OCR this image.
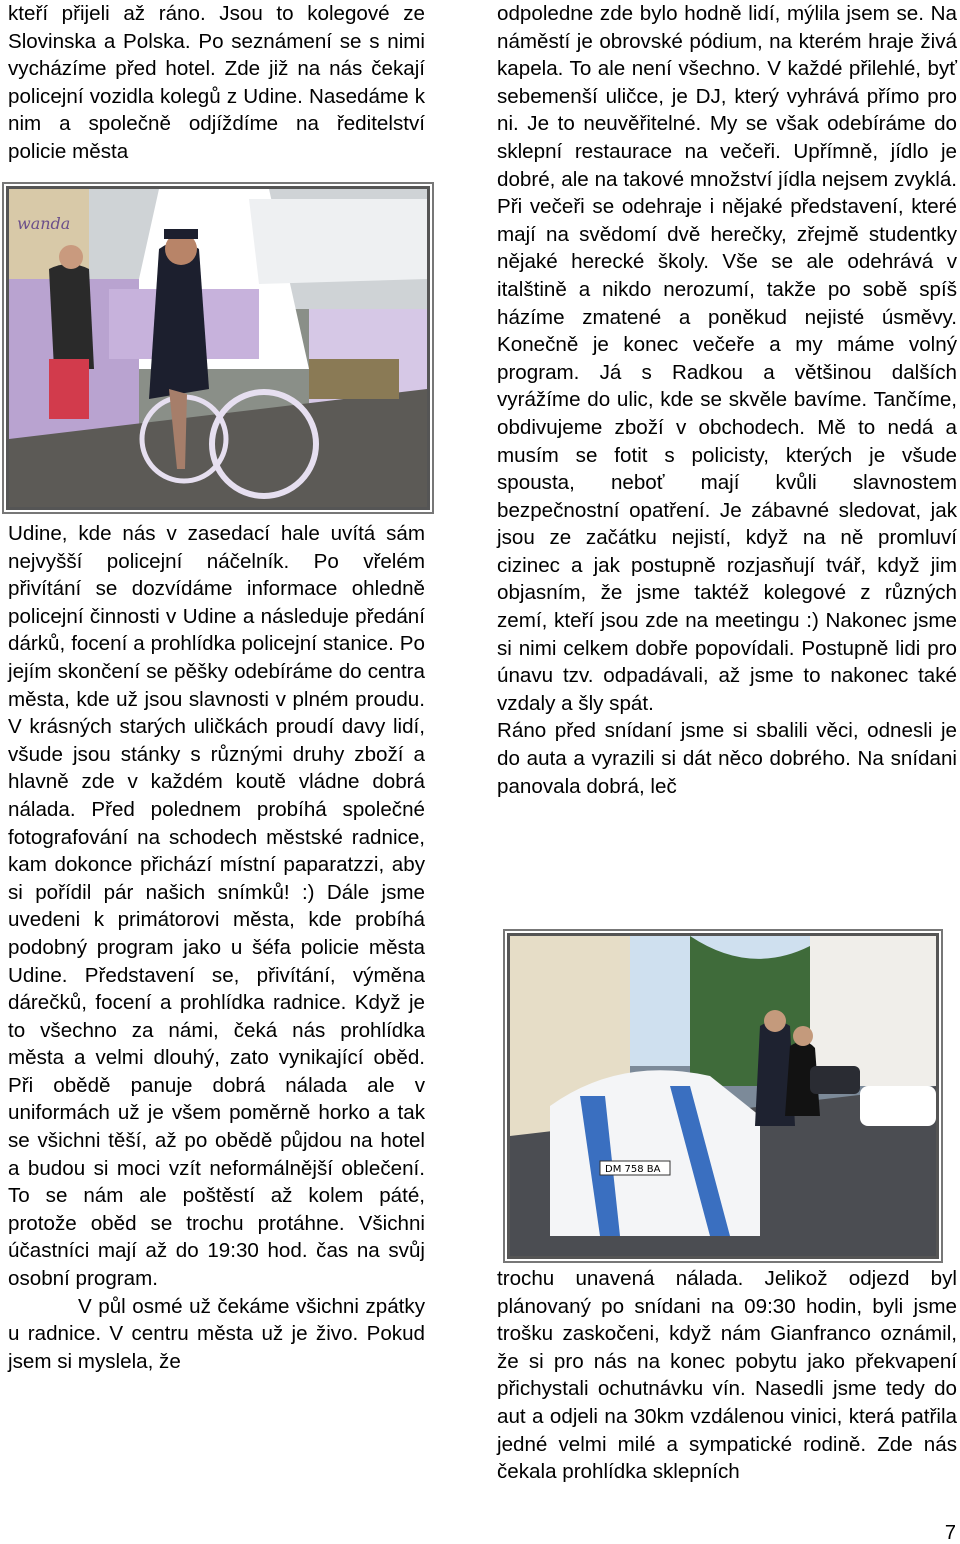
kteří přijeli až ráno. Jsou to kolegové ze Slovinska a Polska. Po seznámení se s nimi vycházíme před hotel. Zde již na nás čekají policejní vozidla kolegů z Udine. Nasedáme k nim a společně odjíždíme na ředitelství policie města

wanda

Udine, kde nás v zasedací hale uvítá sám nejvyšší policejní náčelník. Po vřelém přivítání se dozvídáme informace ohledně policejní činnosti v Udine a následuje předání dárků, focení a prohlídka policejní stanice. Po jejím skončení se pěšky odebíráme do centra města, kde už jsou slavnosti v plném proudu. V krásných starých uličkách proudí davy lidí, všude jsou stánky s různými druhy zboží a hlavně zde v každém koutě vládne dobrá nálada. Před polednem probíhá společné fotografování na schodech městské radnice, kam dokonce přichází místní paparatzzi, aby si pořídil pár našich snímků! :) Dále jsme uvedeni k primátorovi města, kde probíhá podobný program jako u šéfa policie města Udine. Představení se, přivítání, výměna dárečků, focení a prohlídka radnice. Když je to všechno za námi, čeká nás prohlídka města a velmi dlouhý, zato vynikající oběd. Při obědě panuje dobrá nálada ale v uniformách už je všem poměrně horko a tak se všichni těší, až po obědě půjdou na hotel a budou si moci vzít neformálnější oblečení. To se nám ale poštěstí až kolem páté, protože oběd se trochu protáhne. Všichni účastníci mají až do 19:30 hod. čas na svůj osobní program.

V půl osmé už čekáme všichni zpátky u radnice. V centru města už je živo. Pokud jsem si myslela, že

odpoledne zde bylo hodně lidí, mýlila jsem se. Na náměstí je obrovské pódium, na kterém hraje živá kapela. To ale není všechno. V každé přilehlé, byť sebemenší uličce, je DJ, který vyhrává přímo pro ni. Je to neuvěřitelné. My se však odebíráme do sklepní restaurace na večeři. Upřímně, jídlo je dobré, ale na takové množství jídla nejsem zvyklá. Při večeři se odehraje i nějaké představení, které mají na svědomí dvě herečky, zřejmě studentky nějaké herecké školy. Vše se ale odehrává v italštině a nikdo nerozumí, takže po sobě spíš házíme zmatené a poněkud nejisté úsměvy. Konečně je konec večeře a my máme volný program. Já s Radkou a většinou dalších vyrážíme do ulic, kde se skvěle bavíme. Tančíme, obdivujeme zboží v obchodech. Mě to nedá a musím se fotit s policisty, kterých je všude spousta, neboť mají kvůli slavnostem bezpečnostní opatření. Je zábavné sledovat, jak jsou ze začátku nejistí, když na ně promluví cizinec a jak postupně rozjasňují tvář, když jim objasním, že jsme taktéž kolegové z různých zemí, kteří jsou zde na meetingu :) Nakonec jsme si nimi celkem dobře popovídali. Postupně lidi pro únavu tzv. odpadávali, až jsme to nakonec také vzdaly a šly spát.

Ráno před snídaní jsme si sbalili věci, odnesli je do auta a vyrazili si dát něco dobrého. Na snídani panovala dobrá, leč

DM 758 BA

trochu unavená nálada. Jelikož odjezd byl plánovaný po snídani na 09:30 hodin, byli jsme trošku zaskočeni, když nám Gianfranco oznámil, že si pro nás na konec pobytu jako překvapení přichystali ochutnávku vín. Nasedli jsme tedy do aut a odjeli na 30km vzdálenou vinici, která patřila jedné velmi milé a sympatické rodině. Zde nás čekala prohlídka sklepních

7
